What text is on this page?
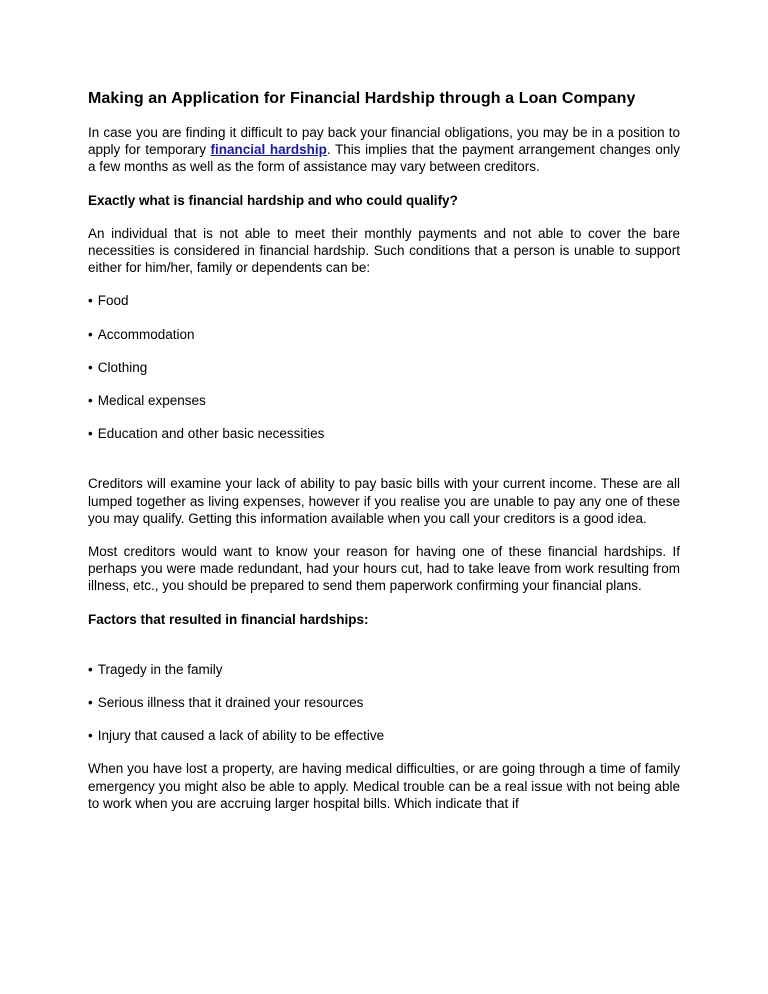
Making an Application for Financial Hardship through a Loan Company

In case you are finding it difficult to pay back your financial obligations, you may be in a position to apply for temporary financial hardship. This implies that the payment arrangement changes only a few months as well as the form of assistance may vary between creditors.

Exactly what is financial hardship and who could qualify?

An individual that is not able to meet their monthly payments and not able to cover the bare necessities is considered in financial hardship. Such conditions that a person is unable to support either for him/her, family or dependents can be:

• Food
• Accommodation
• Clothing
• Medical expenses
• Education and other basic necessities

Creditors will examine your lack of ability to pay basic bills with your current income. These are all lumped together as living expenses, however if you realise you are unable to pay any one of these you may qualify. Getting this information available when you call your creditors is a good idea.

Most creditors would want to know your reason for having one of these financial hardships. If perhaps you were made redundant, had your hours cut, had to take leave from work resulting from illness, etc., you should be prepared to send them paperwork confirming your financial plans.

Factors that resulted in financial hardships:
• Tragedy in the family
• Serious illness that it drained your resources
• Injury that caused a lack of ability to be effective

When you have lost a property, are having medical difficulties, or are going through a time of family emergency you might also be able to apply. Medical trouble can be a real issue with not being able to work when you are accruing larger hospital bills. Which indicate that if
